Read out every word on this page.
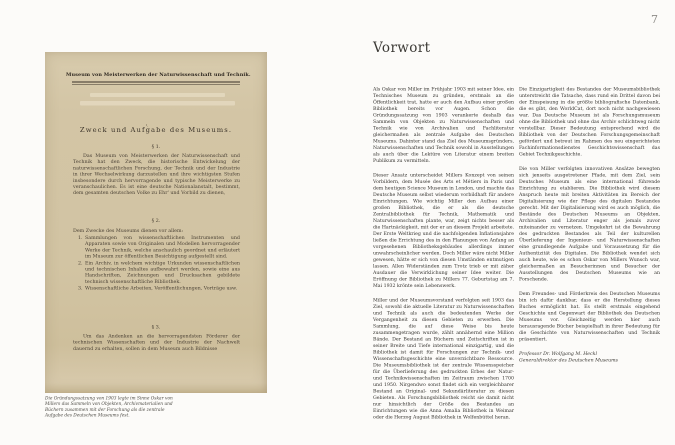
Museum von Meisterwerken der Naturwissenschaft und Technik.
Zweck und Aufgabe des Museums.
§ 1.
Das Museum von Meisterwerken der Naturwissenschaft und Technik hat den Zweck, die historische Entwickelung der naturwissenschaftlichen Forschung, der Technik und der Industrie in ihrer Wechselwirkung darzustellen und ihre wichtigsten Stufen insbesondere durch hervorragende und typische Meisterwerke zu veranschaulichen. Es ist eine deutsche Nationalanstalt, bestimmt, dem gesamten deutschen Volke zu Ehr' und Vorbild zu dienen,
§ 2.
Dem Zwecke des Museums dienen vor allem:
1. Sammlungen von wissenschaftlichen Instrumenten und Apparaten sowie von Originalen und Modellen hervorragender Werke der Technik, welche anschaulich geordnet und erläutert im Museum zur öffentlichen Besichtigung aufgestellt sind.
2. Ein Archiv, in welchem wichtige Urkunden wissenschaftlichen und technischen Inhaltes aufbewahrt werden, sowie eine aus Handschriften, Zeichnungen und Drucksachen gebildete technisch wissenschaftliche Bibliothek.
3. Wissenschaftliche Arbeiten, Veröffentlichungen, Vorträge usw.
§ 3.
Um das Andenken an die hervorragendsten Förderer der technischen Wissenschaften und der Industrie der Nachwelt dauernd zu erhalten, sollen in dem Museum auch Bildnisse
Die Gründungssatzung von 1903 legte im Sinne Oskar von Millers das Sammeln von Objekten, Archivmaterialien und Büchern zusammen mit der Forschung als die zentrale Aufgabe des Deutschen Museums fest.
7
Vorwort

Als Oskar von Miller im Frühjahr 1903 mit seiner Idee, ein Technisches Museum zu gründen, erstmals an die Öffentlichkeit trat, hatte er auch den Aufbau einer großen Bibliothek bereits vor Augen. Schon die Gründungssatzung von 1903 verankerte deshalb das Sammeln von Objekten zu Naturwissenschaften und Technik wie von Archivalien und Fachliteratur gleichermaßen als zentrale Aufgabe des Deutschen Museums. Dahinter stand das Ziel des Museumsgründers, Naturwissenschaften und Technik sowohl in Ausstellungen als auch über die Lektüre von Literatur einem breiten Publikum zu vermitteln.

Dieser Ansatz unterscheidet Millers Konzept von seinen Vorbildern, dem Musée des Arts et Métiers in Paris und dem heutigen Science Museum in London, und machte das Deutsche Museum selbst wiederum vorbildhaft für andere Einrichtungen. Wie wichtig Miller den Aufbau einer großen Bibliothek, die er als die deutsche Zentralbibliothek für Technik, Mathematik und Naturwissenschaften plante, war, zeigt nichts besser als die Hartnäckigkeit, mit der er an diesem Projekt arbeitete. Der Erste Weltkrieg und die nachfolgenden Inflationsjahre ließen die Errichtung des in den Planungen von Anfang an vorgesehenen Bibliotheksgebäudes allerdings immer unwahrscheinlicher werden. Doch Miller wäre nicht Miller gewesen, hätte er sich von diesen Umständen entmutigen lassen. Allen Widerständen zum Trotz trieb er mit zäher Ausdauer die Verwirklichung seiner Idee weiter. Die Eröffnung der Bibliothek zu Millers 77. Geburtstag am 7. Mai 1932 krönte sein Lebenswerk.

Miller und der Museumsvorstand verfolgten seit 1903 das Ziel, sowohl die aktuelle Literatur zu Naturwissenschaften und Technik als auch die bedeutenden Werke der Vergangenheit zu diesen Gebieten zu erwerben. Die Sammlung, die auf diese Weise bis heute zusammengetragen wurde, zählt annähernd eine Million Bände. Der Bestand an Büchern und Zeitschriften ist in seiner Breite und Tiefe international einzigartig, und die Bibliothek ist damit für Forschungen zur Technik- und Wissenschaftsgeschichte eine unverzichtbare Ressource. Die Museumsbibliothek ist der zentrale Wissensspeicher für die Überlieferung des gedruckten Erbes der Natur- und Technikwissenschaften im Zeitraum zwischen 1700 und 1950. Nirgendwo sonst findet sich ein vergleichbarer Bestand an Original- und Sekundärliteratur zu diesen Gebieten. Als Forschungsbibliothek reicht sie damit nicht nur hinsichtlich der Größe des Bestandes an Einrichtungen wie die Anna Amalia Bibliothek in Weimar oder die Herzog August Bibliothek in Wolfenbüttel heran.

Die Einzigartigkeit des Bestandes der Museumsbibliothek unterstreicht die Tatsache, dass rund ein Drittel davon bei der Einspeisung in die größte bibliografische Datenbank, die es gibt, den WorldCat, dort noch nicht nachgewiesen war. Das Deutsche Museum ist als Forschungsmuseum ohne die Bibliothek und ohne das Archiv schlichtweg nicht vorstellbar. Dieser Bedeutung entsprechend wird die Bibliothek von der Deutschen Forschungsgemeinschaft gefördert und betreut im Rahmen des neu eingerichteten Fachinformationsdienstes Geschichtswissenschaft das Gebiet Technikgeschichte.

Die von Miller verfolgten innovativen Ansätze bewegten sich jenseits ausgetretener Pfade, mit dem Ziel, sein Deutsches Museum als eine international führende Einrichtung zu etablieren. Die Bibliothek wird diesem Anspruch heute mit breiten Aktivitäten im Bereich der Digitalisierung wie der Pflege des digitalen Bestandes gerecht. Mit der Digitalisierung wird es auch möglich, die Bestände des Deutschen Museums an Objekten, Archivalien und Literatur enger als jemals zuvor miteinander zu vernetzen. Umgekehrt ist die Bewahrung des gedruckten Bestandes als Teil der kulturellen Überlieferung der Ingenieur- und Naturwissenschaften eine grundlegende Aufgabe und Voraussetzung für die Authentizität des Digitalen. Die Bibliothek wendet sich auch heute, wie es schon Oskar von Millers Wunsch war, gleichermaßen an Besucherinnen und Besucher der Ausstellungen des Deutschen Museums wie an Forschende.

Dem Freundes- und Förderkreis des Deutschen Museums bin ich dafür dankbar, dass er die Herstellung dieses Buches ermöglicht hat. Es stellt erstmals eingehend Geschichte und Gegenwart der Bibliothek des Deutschen Museums vor. Gleichzeitig werden hier auch herausragende Bücher beispielhaft in ihrer Bedeutung für die Geschichte von Naturwissenschaften und Technik präsentiert.

Professor Dr. Wolfgang M. Heckl
Generaldirektor des Deutschen Museums
